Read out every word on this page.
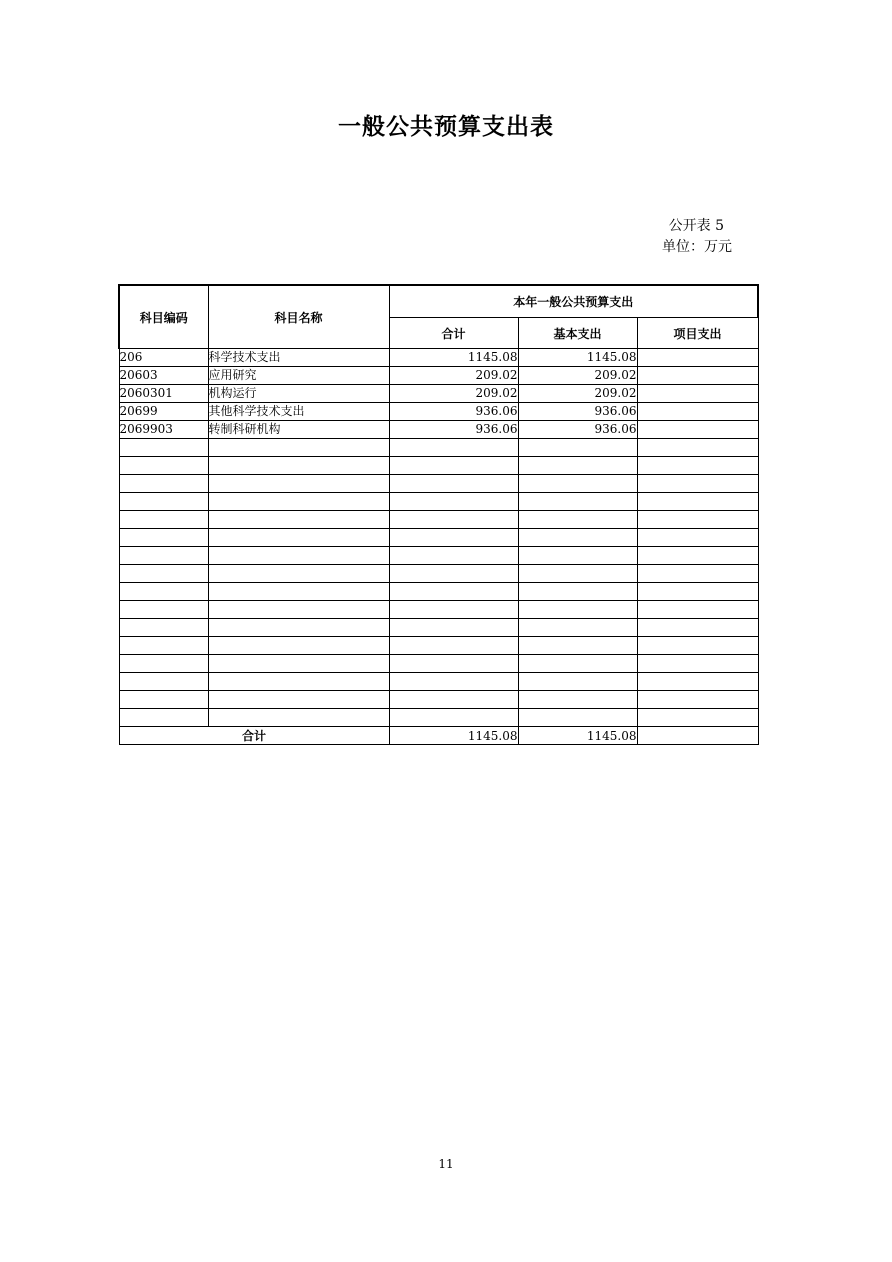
一般公共预算支出表
公开表 5
单位：万元
科目编码	科目名称	本年一般公共预算支出		
		合计	基本支出	项目支出
206	科学技术支出	1145.08	1145.08	
20603	应用研究	209.02	209.02	
2060301	机构运行	209.02	209.02	
20699	其他科学技术支出	936.06	936.06	
2069903	转制科研机构	936.06	936.06	

合计		1145.08	1145.08	
11
